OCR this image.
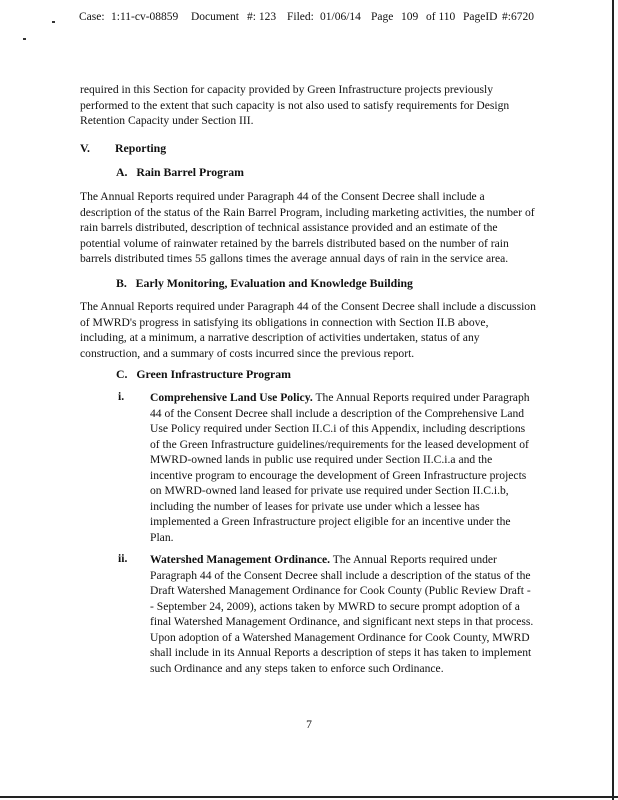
Case: 1:11-cv-08859 Document #: 123 Filed: 01/06/14 Page 109 of 110 PageID #:6720

required in this Section for capacity provided by Green Infrastructure projects previously performed to the extent that such capacity is not also used to satisfy requirements for Design Retention Capacity under Section III.

V. Reporting

A.   Rain Barrel Program

The Annual Reports required under Paragraph 44 of the Consent Decree shall include a description of the status of the Rain Barrel Program, including marketing activities, the number of rain barrels distributed, description of technical assistance provided and an estimate of the potential volume of rainwater retained by the barrels distributed based on the number of rain barrels distributed times 55 gallons times the average annual days of rain in the service area.

B.   Early Monitoring, Evaluation and Knowledge Building

The Annual Reports required under Paragraph 44 of the Consent Decree shall include a discussion of MWRD's progress in satisfying its obligations in connection with Section II.B above, including, at a minimum, a narrative description of activities undertaken, status of any construction, and a summary of costs incurred since the previous report.

C.   Green Infrastructure Program

i. Comprehensive Land Use Policy. The Annual Reports required under Paragraph 44 of the Consent Decree shall include a description of the Comprehensive Land Use Policy required under Section II.C.i of this Appendix, including descriptions of the Green Infrastructure guidelines/requirements for the leased development of MWRD-owned lands in public use required under Section II.C.i.a and the incentive program to encourage the development of Green Infrastructure projects on MWRD-owned land leased for private use required under Section II.C.i.b, including the number of leases for private use under which a lessee has implemented a Green Infrastructure project eligible for an incentive under the Plan.

ii. Watershed Management Ordinance. The Annual Reports required under Paragraph 44 of the Consent Decree shall include a description of the status of the Draft Watershed Management Ordinance for Cook County (Public Review Draft - - September 24, 2009), actions taken by MWRD to secure prompt adoption of a final Watershed Management Ordinance, and significant next steps in that process. Upon adoption of a Watershed Management Ordinance for Cook County, MWRD shall include in its Annual Reports a description of steps it has taken to implement such Ordinance and any steps taken to enforce such Ordinance.

7
